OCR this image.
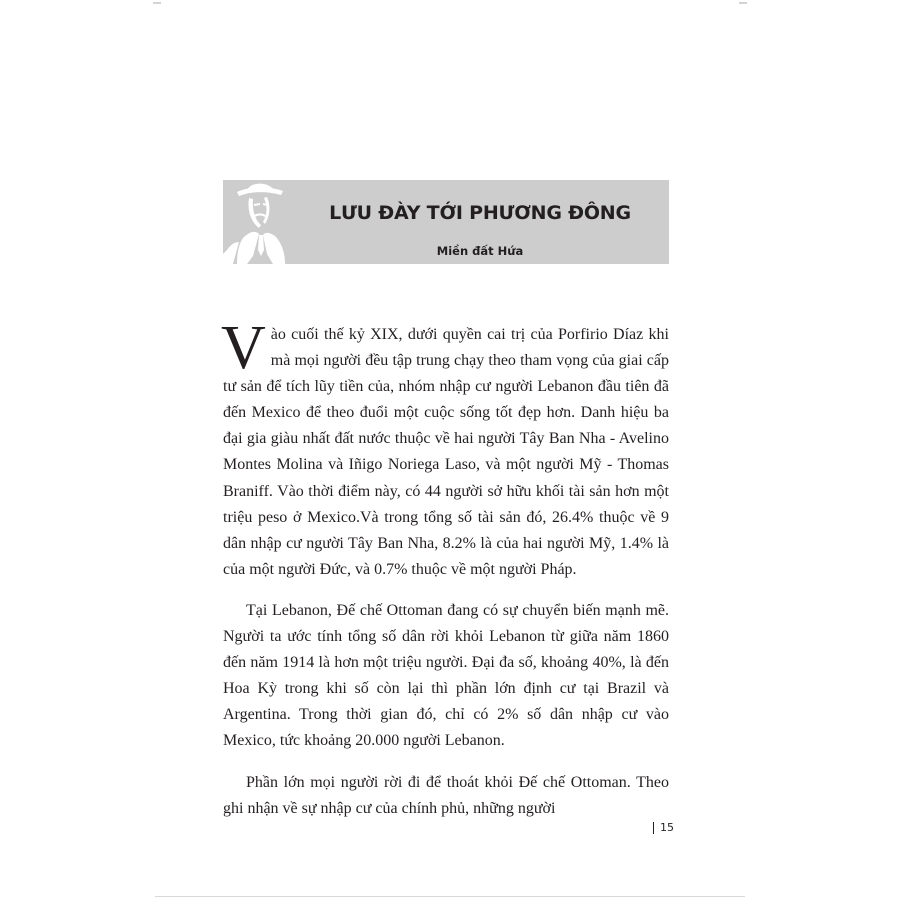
LƯU ĐÀY TỚI PHƯƠNG ĐÔNG
Miền đất Hứa

Vào cuối thế kỷ XIX, dưới quyền cai trị của Porfirio Díaz khi mà mọi người đều tập trung chạy theo tham vọng của giai cấp tư sản để tích lũy tiền của, nhóm nhập cư người Lebanon đầu tiên đã đến Mexico để theo đuổi một cuộc sống tốt đẹp hơn. Danh hiệu ba đại gia giàu nhất đất nước thuộc về hai người Tây Ban Nha - Avelino Montes Molina và Iñigo Noriega Laso, và một người Mỹ - Thomas Braniff. Vào thời điểm này, có 44 người sở hữu khối tài sản hơn một triệu peso ở Mexico.Và trong tổng số tài sản đó, 26.4% thuộc về 9 dân nhập cư người Tây Ban Nha, 8.2% là của hai người Mỹ, 1.4% là của một người Đức, và 0.7% thuộc về một người Pháp.

Tại Lebanon, Đế chế Ottoman đang có sự chuyển biến mạnh mẽ. Người ta ước tính tổng số dân rời khỏi Lebanon từ giữa năm 1860 đến năm 1914 là hơn một triệu người. Đại đa số, khoảng 40%, là đến Hoa Kỳ trong khi số còn lại thì phần lớn định cư tại Brazil và Argentina. Trong thời gian đó, chỉ có 2% số dân nhập cư vào Mexico, tức khoảng 20.000 người Lebanon.

Phần lớn mọi người rời đi để thoát khỏi Đế chế Ottoman. Theo ghi nhận về sự nhập cư của chính phủ, những người

15
